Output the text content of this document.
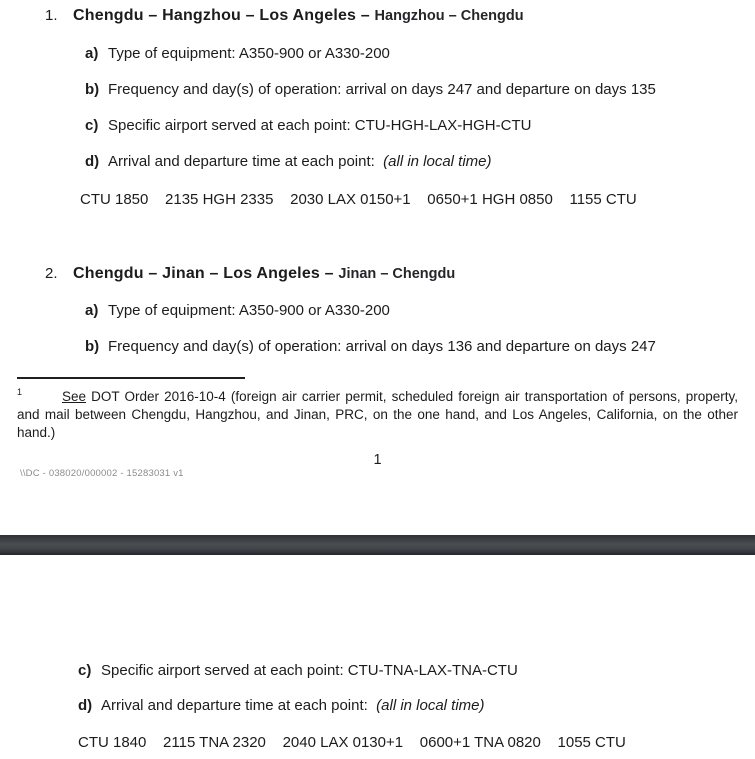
1. Chengdu – Hangzhou – Los Angeles – Hangzhou – Chengdu

a) Type of equipment: A350-900 or A330-200

b) Frequency and day(s) of operation: arrival on days 247 and departure on days 135

c) Specific airport served at each point: CTU-HGH-LAX-HGH-CTU

d) Arrival and departure time at each point:  (all in local time)

CTU 1850    2135 HGH 2335    2030 LAX 0150+1    0650+1 HGH 0850    1155 CTU

2. Chengdu – Jinan – Los Angeles – Jinan – Chengdu

a) Type of equipment: A350-900 or A330-200

b) Frequency and day(s) of operation: arrival on days 136 and departure on days 247

$^1$	See DOT Order 2016-10-4 (foreign air carrier permit, scheduled foreign air transportation of persons, property, and mail between Chengdu, Hangzhou, and Jinan, PRC, on the one hand, and Los Angeles, California, on the other hand.)

1

\\DC - 038020/000002 - 15283031 v1

c) Specific airport served at each point: CTU-TNA-LAX-TNA-CTU

d) Arrival and departure time at each point:  (all in local time)

CTU 1840    2115 TNA 2320    2040 LAX 0130+1    0600+1 TNA 0820    1055 CTU
